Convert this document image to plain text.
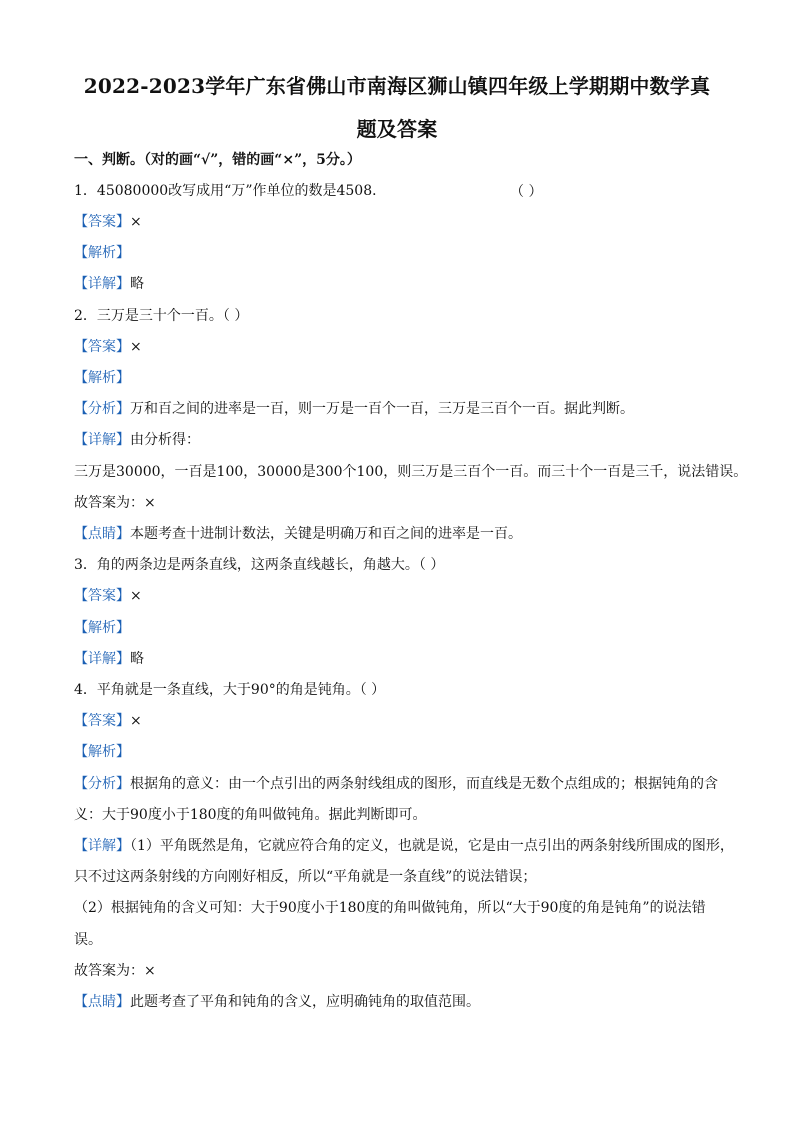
2022-2023学年广东省佛山市南海区狮山镇四年级上学期期中数学真
题及答案
一、判断。（对的画“√”，错的画“×”，5分。）
1．45080000改写成用“万”作单位的数是4508．	（ ）
【答案】×
【解析】
【详解】略
2．三万是三十个一百。（ ）
【答案】×
【解析】
【分析】万和百之间的进率是一百，则一万是一百个一百，三万是三百个一百。据此判断。
【详解】由分析得：
三万是30000，一百是100，30000是300个100，则三万是三百个一百。而三十个一百是三千，说法错误。
故答案为：×
【点睛】本题考查十进制计数法，关键是明确万和百之间的进率是一百。
3．角的两条边是两条直线，这两条直线越长，角越大。（ ）
【答案】×
【解析】
【详解】略
4．平角就是一条直线，大于90°的角是钝角。（ ）
【答案】×
【解析】
【分析】根据角的意义：由一个点引出的两条射线组成的图形，而直线是无数个点组成的；根据钝角的含
义：大于90度小于180度的角叫做钝角。据此判断即可。
【详解】（1）平角既然是角，它就应符合角的定义，也就是说，它是由一点引出的两条射线所围成的图形，
只不过这两条射线的方向刚好相反，所以“平角就是一条直线”的说法错误；
（2）根据钝角的含义可知：大于90度小于180度的角叫做钝角，所以“大于90度的角是钝角”的说法错
误。
故答案为：×
【点睛】此题考查了平角和钝角的含义，应明确钝角的取值范围。
